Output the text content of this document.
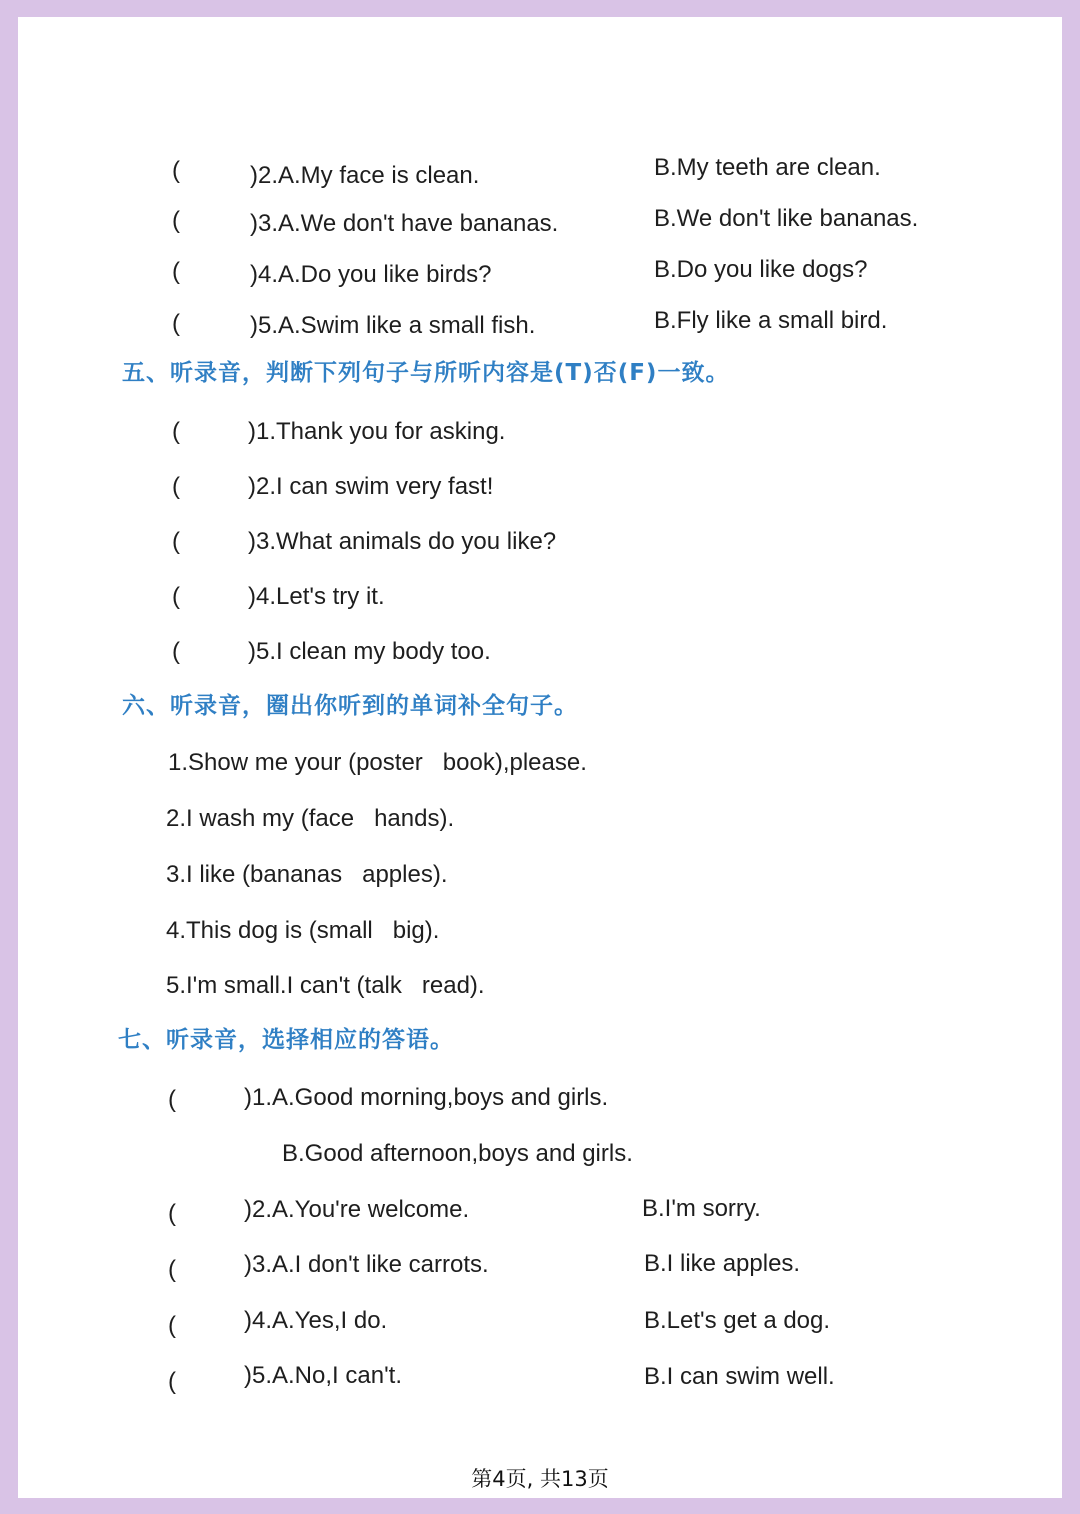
(	)2.A.My face is clean.	B.My teeth are clean.
(	)3.A.We don't have bananas.	B.We don't like bananas.
(	)4.A.Do you like birds?	B.Do you like dogs?
(	)5.A.Swim like a small fish.	B.Fly like a small bird.
五、听录音，判断下列句子与所听内容是(T)否(F)一致。
(	)1.Thank you for asking.
(	)2.I can swim very fast!
(	)3.What animals do you like?
(	)4.Let's try it.
(	)5.I clean my body too.
六、听录音，圈出你听到的单词补全句子。
1.Show me your (poster   book),please.
2.I wash my (face   hands).
3.I like (bananas   apples).
4.This dog is (small   big).
5.I'm small.I can't (talk   read).
七、听录音，选择相应的答语。
(	)1.A.Good morning,boys and girls.
B.Good afternoon,boys and girls.
(	)2.A.You're welcome.	B.I'm sorry.
(	)3.A.I don't like carrots.	B.I like apples.
(	)4.A.Yes,I do.	B.Let's get a dog.
(	)5.A.No,I can't.	B.I can swim well.
第4页, 共13页
